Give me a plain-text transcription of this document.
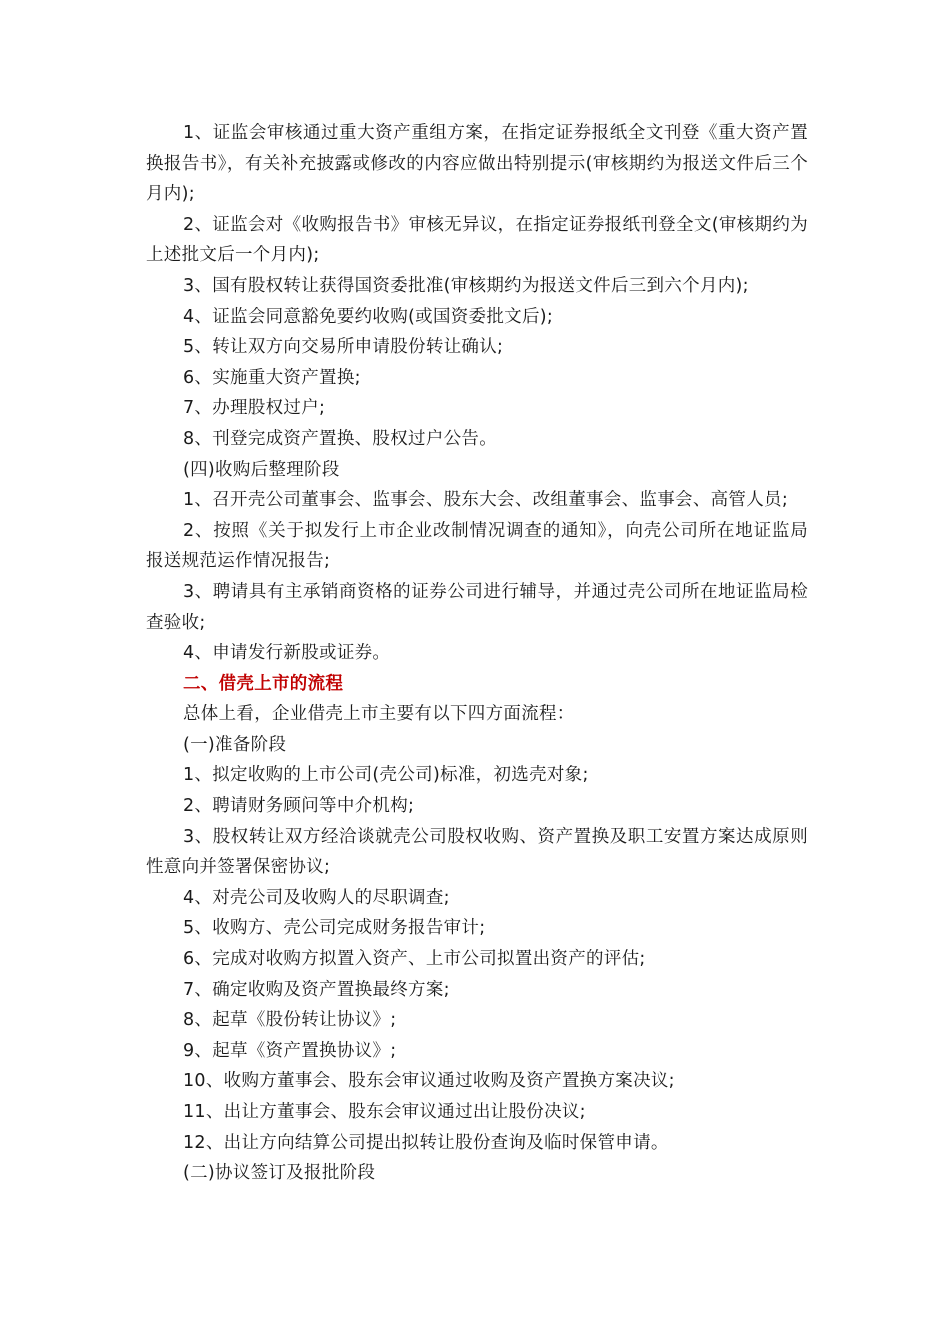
1、证监会审核通过重大资产重组方案，在指定证券报纸全文刊登《重大资产置换报告书》，有关补充披露或修改的内容应做出特别提示(审核期约为报送文件后三个月内);

2、证监会对《收购报告书》审核无异议，在指定证券报纸刊登全文(审核期约为上述批文后一个月内);

3、国有股权转让获得国资委批准(审核期约为报送文件后三到六个月内);

4、证监会同意豁免要约收购(或国资委批文后);

5、转让双方向交易所申请股份转让确认;

6、实施重大资产置换;

7、办理股权过户;

8、刊登完成资产置换、股权过户公告。

(四)收购后整理阶段

1、召开壳公司董事会、监事会、股东大会、改组董事会、监事会、高管人员;

2、按照《关于拟发行上市企业改制情况调查的通知》，向壳公司所在地证监局报送规范运作情况报告;

3、聘请具有主承销商资格的证券公司进行辅导，并通过壳公司所在地证监局检查验收;

4、申请发行新股或证券。

二、借壳上市的流程

总体上看，企业借壳上市主要有以下四方面流程：

(一)准备阶段

1、拟定收购的上市公司(壳公司)标准，初选壳对象;

2、聘请财务顾问等中介机构;

3、股权转让双方经洽谈就壳公司股权收购、资产置换及职工安置方案达成原则性意向并签署保密协议;

4、对壳公司及收购人的尽职调查;

5、收购方、壳公司完成财务报告审计;

6、完成对收购方拟置入资产、上市公司拟置出资产的评估;

7、确定收购及资产置换最终方案;

8、起草《股份转让协议》;

9、起草《资产置换协议》;

10、收购方董事会、股东会审议通过收购及资产置换方案决议;

11、出让方董事会、股东会审议通过出让股份决议;

12、出让方向结算公司提出拟转让股份查询及临时保管申请。

(二)协议签订及报批阶段
